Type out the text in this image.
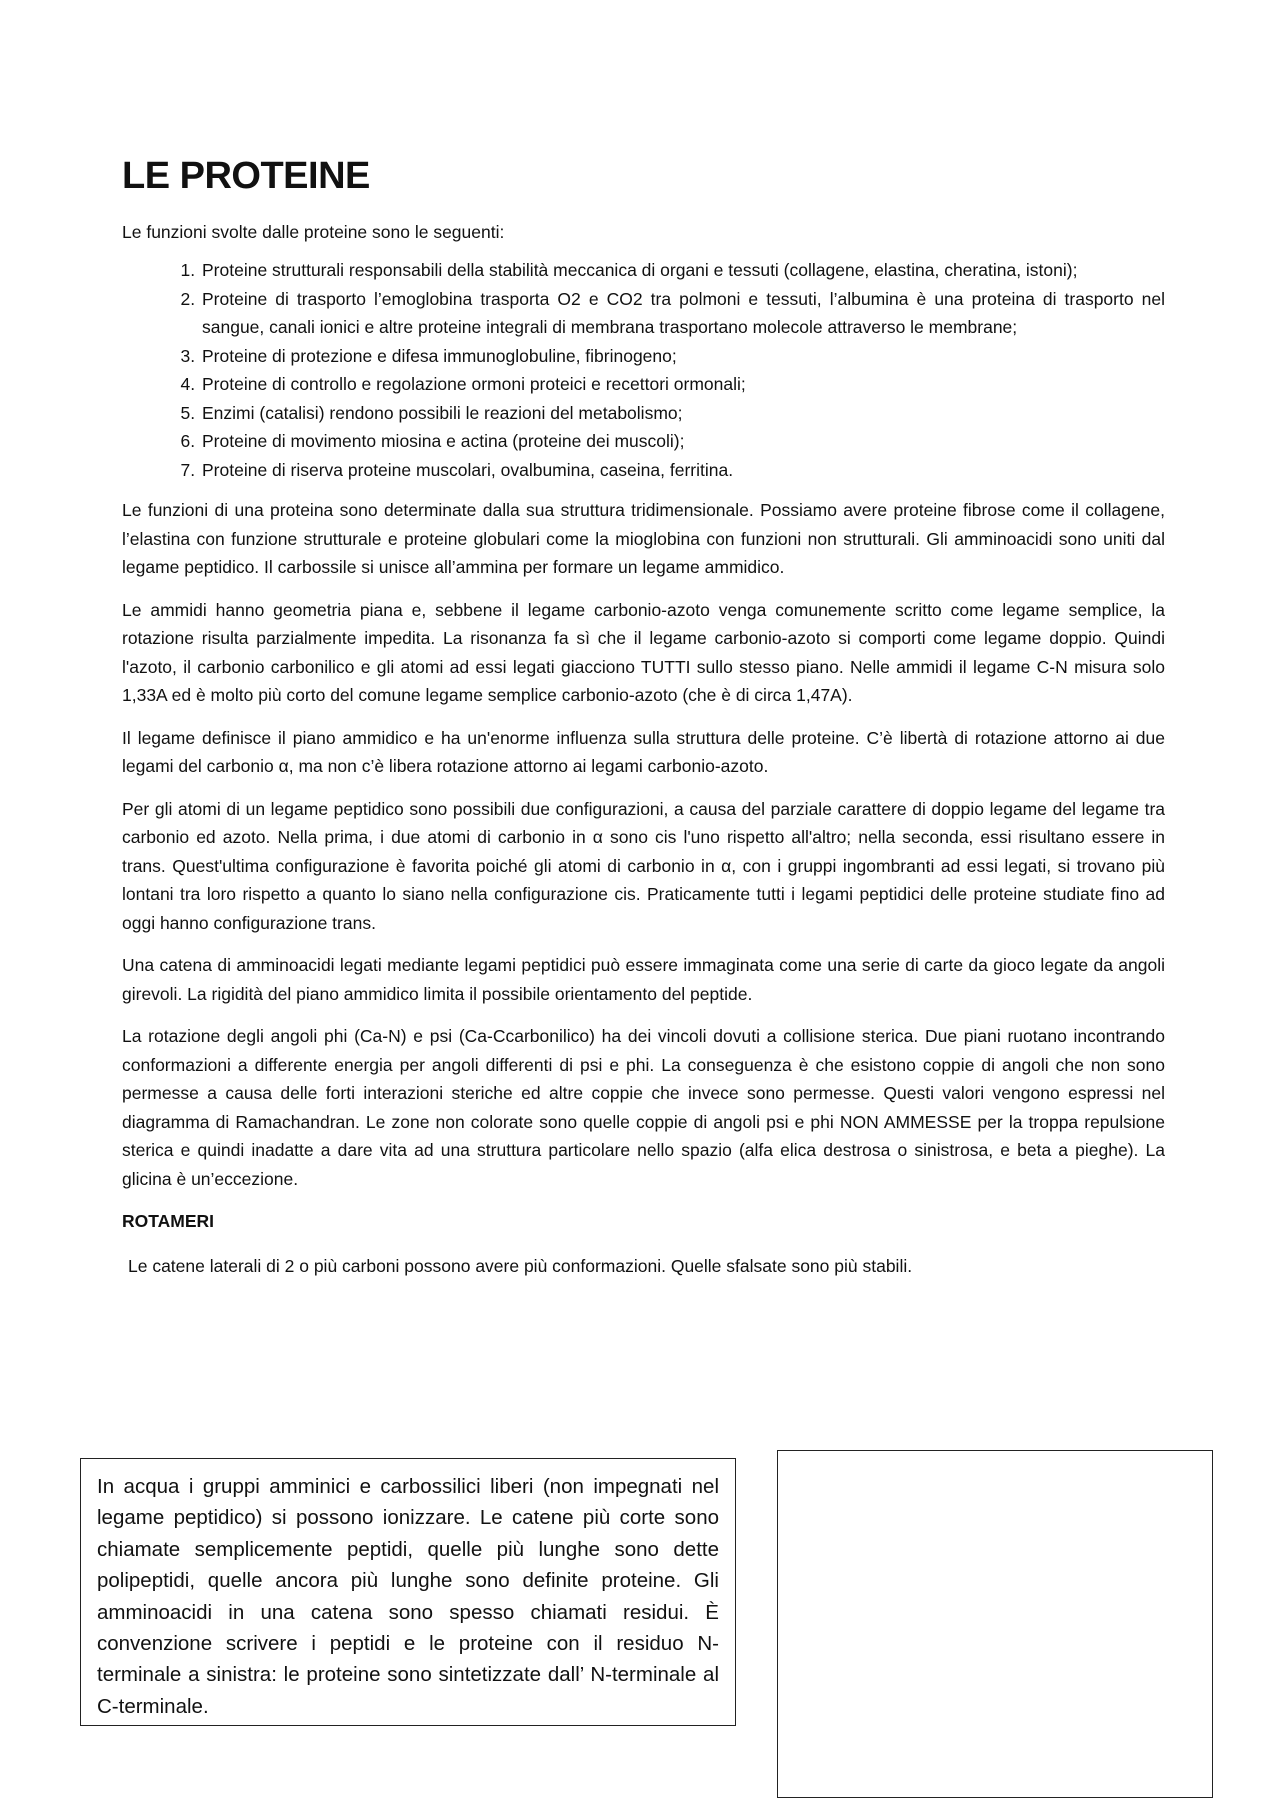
LE PROTEINE

Le funzioni svolte dalle proteine sono le seguenti:

1. Proteine strutturali responsabili della stabilità meccanica di organi e tessuti (collagene, elastina, cheratina, istoni);
2. Proteine di trasporto l’emoglobina trasporta O2 e CO2 tra polmoni e tessuti, l’albumina è una proteina di trasporto nel sangue, canali ionici e altre proteine integrali di membrana trasportano molecole attraverso le membrane;
3. Proteine di protezione e difesa immunoglobuline, fibrinogeno;
4. Proteine di controllo e regolazione ormoni proteici e recettori ormonali;
5. Enzimi (catalisi) rendono possibili le reazioni del metabolismo;
6. Proteine di movimento miosina e actina (proteine dei muscoli);
7. Proteine di riserva proteine muscolari, ovalbumina, caseina, ferritina.

Le funzioni di una proteina sono determinate dalla sua struttura tridimensionale. Possiamo avere proteine fibrose come il collagene, l’elastina con funzione strutturale e proteine globulari come la mioglobina con funzioni non strutturali. Gli amminoacidi sono uniti dal legame peptidico. Il carbossile si unisce all’ammina per formare un legame ammidico.

Le ammidi hanno geometria piana e, sebbene il legame carbonio-azoto venga comunemente scritto come legame semplice, la rotazione risulta parzialmente impedita. La risonanza fa sì che il legame carbonio-azoto si comporti come legame doppio. Quindi l'azoto, il carbonio carbonilico e gli atomi ad essi legati giacciono TUTTI sullo stesso piano. Nelle ammidi il legame C-N misura solo 1,33A ed è molto più corto del comune legame semplice carbonio-azoto (che è di circa 1,47A).

Il legame definisce il piano ammidico e ha un'enorme influenza sulla struttura delle proteine. C’è libertà di rotazione attorno ai due legami del carbonio α, ma non c’è libera rotazione attorno ai legami carbonio-azoto.

Per gli atomi di un legame peptidico sono possibili due configurazioni, a causa del parziale carattere di doppio legame del legame tra carbonio ed azoto. Nella prima, i due atomi di carbonio in α sono cis l'uno rispetto all'altro; nella seconda, essi risultano essere in trans. Quest'ultima configurazione è favorita poiché gli atomi di carbonio in α, con i gruppi ingombranti ad essi legati, si trovano più lontani tra loro rispetto a quanto lo siano nella configurazione cis. Praticamente tutti i legami peptidici delle proteine studiate fino ad oggi hanno configurazione trans.

Una catena di amminoacidi legati mediante legami peptidici può essere immaginata come una serie di carte da gioco legate da angoli girevoli. La rigidità del piano ammidico limita il possibile orientamento del peptide.

La rotazione degli angoli phi (Ca-N) e psi (Ca-Ccarbonilico) ha dei vincoli dovuti a collisione sterica. Due piani ruotano incontrando conformazioni a differente energia per angoli differenti di psi e phi. La conseguenza è che esistono coppie di angoli che non sono permesse a causa delle forti interazioni steriche ed altre coppie che invece sono permesse. Questi valori vengono espressi nel diagramma di Ramachandran. Le zone non colorate sono quelle coppie di angoli psi e phi NON AMMESSE per la troppa repulsione sterica e quindi inadatte a dare vita ad una struttura particolare nello spazio (alfa elica destrosa o sinistrosa, e beta a pieghe). La glicina è un’eccezione.

ROTAMERI

Le catene laterali di 2 o più carboni possono avere più conformazioni. Quelle sfalsate sono più stabili.

In acqua i gruppi amminici e carbossilici liberi (non impegnati nel legame peptidico) si possono ionizzare. Le catene più corte sono chiamate semplicemente peptidi, quelle più lunghe sono dette polipeptidi, quelle ancora più lunghe sono definite proteine. Gli amminoacidi in una catena sono spesso chiamati residui. È convenzione scrivere i peptidi e le proteine con il residuo N-terminale a sinistra: le proteine sono sintetizzate dall’ N-terminale al C-terminale.
